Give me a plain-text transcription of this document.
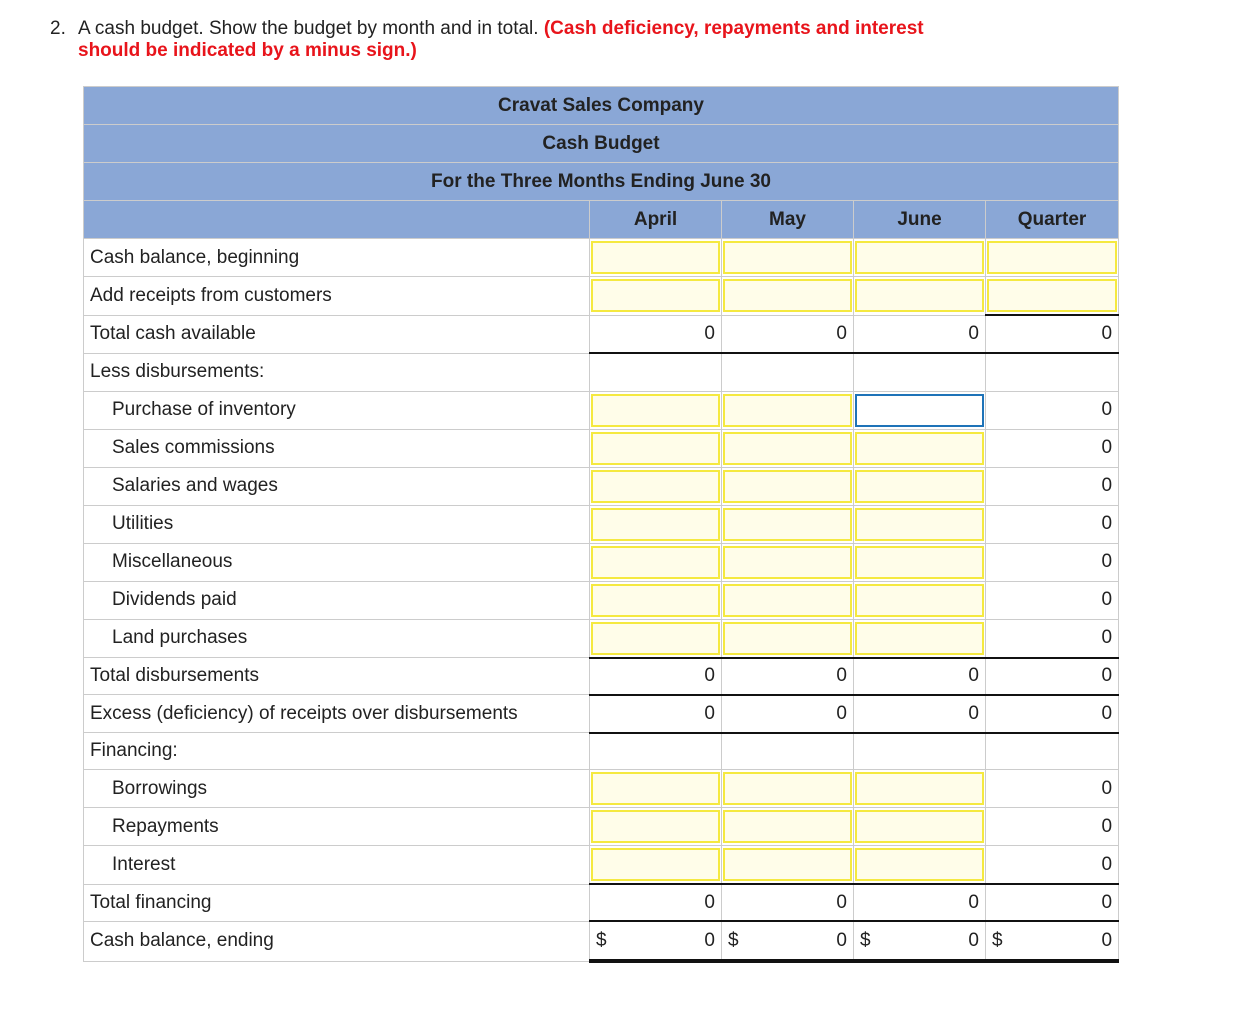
2. A cash budget. Show the budget by month and in total. (Cash deficiency, repayments and interest
should be indicated by a minus sign.)
Cravat Sales Company				
Cash Budget				
For the Three Months Ending June 30				
	April	May	June	Quarter
Cash balance, beginning	

Add receipts from customers	

Total cash available	0	0	0	0
Less disbursements:				
Purchase of inventory				0
Sales commissions				0
Salaries and wages				0
Utilities				0
Miscellaneous				0
Dividends paid				0
Land purchases				0
Total disbursements	0	0	0	0
Excess (deficiency) of receipts over disbursements	0	0	0	0
Financing:				
Borrowings				0
Repayments				0
Interest				0
Total financing	0	0	0	0
Cash balance, ending	$ 0	$ 0	$ 0	$ 0
